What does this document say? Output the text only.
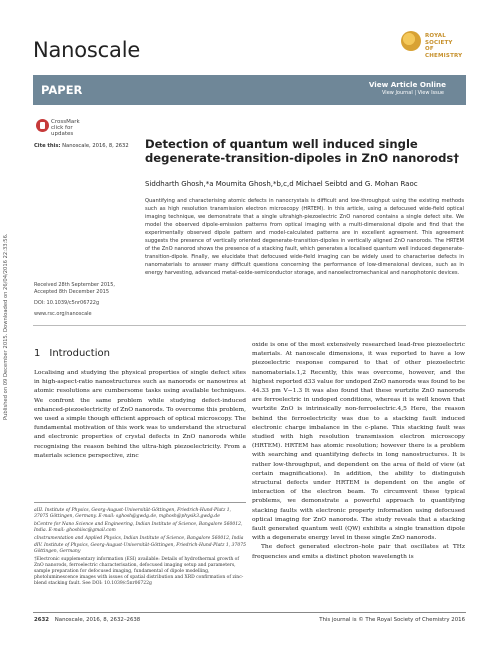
Published on 09 December 2015. Downloaded on 26/04/2016 22:33:56.
Nanoscale
ROYAL SOCIETY
OF CHEMISTRY
PAPER	View Article Online
View Journal | View Issue
CrossMark
click for updates
Cite this: Nanoscale, 2016, 8, 2632 Detection of quantum well induced single degenerate-transition-dipoles in ZnO nanorods†
Siddharth Ghosh,*a Moumita Ghosh,*b,c,d Michael Seibtd and G. Mohan Raoc
Quantifying and characterising atomic defects in nanocrystals is difficult and low-throughput using the existing methods such as high resolution transmission electron microscopy (HRTEM). In this article, using a defocused wide-field optical imaging technique, we demonstrate that a single ultrahigh-piezoelectric ZnO nanorod contains a single defect site. We model the observed dipole-emission patterns from optical imaging with a multi-dimensional dipole and find that the experimentally observed dipole pattern and model-calculated patterns are in excellent agreement. This agreement suggests the presence of vertically oriented degenerate-transition-dipoles in vertically aligned ZnO nanorods. The HRTEM of the ZnO nanorod shows the presence of a stacking fault, which generates a localised quantum well induced degenerate-transition-dipole. Finally, we elucidate that defocused wide-field imaging can be widely used to characterise defects in nanomaterials to answer many difficult questions concerning the performance of low-dimensional devices, such as in energy harvesting, advanced metal-oxide-semiconductor storage, and nanoelectromechanical and nanophotonic devices.
Received 28th September 2015,
Accepted 8th December 2015
DOI: 10.1039/c5nr06722g
www.rsc.org/nanoscale
1 Introduction

Localising and studying the physical properties of single defect sites in high-aspect-ratio nanostructures such as nanorods or nanowires at atomic resolutions are cumbersome tasks using available techniques. We confront the same problem while studying defect-induced enhanced-piezoelectricity of ZnO nanorods. To overcome this problem, we used a simple though efficient approach of optical microscopy. The fundamental motivation of this work was to understand the structural and electronic properties of crystal defects in ZnO nanorods while recognising the reason behind the ultra-high piezoelectricity. From a materials science perspective, zinc

oxide is one of the most extensively researched lead-free piezoelectric materials. At nanoscale dimensions, it was reported to have a low piezoelectric response compared to that of other piezoelectric nanomaterials.1,2 Recently, this was overcome, however, and the highest reported d33 value for undoped ZnO nanorods was found to be 44.33 pm V−1.3 It was also found that these wurtzite ZnO nanorods are ferroelectric in undoped conditions, whereas it is well known that wurtzite ZnO is intrinsically non-ferroelectric.4,5 Here, the reason behind the ferroelectricity was due to a stacking fault induced electronic charge imbalance in the c-plane. This stacking fault was studied with high resolution transmission electron microscopy (HRTEM). HRTEM has atomic resolution; however there is a problem with searching and quantifying defects in long nanostructures. It is rather low-throughput, and dependent on the area of field of view (at certain magnifications). In addition, the ability to distinguish structural defects under HRTEM is dependent on the angle of interaction of the electron beam. To circumvent these typical problems, we demonstrate a powerful approach to quantifying stacking faults with electronic property information using defocused optical imaging for ZnO nanorods. The study reveals that a stacking fault generated quantum well (QW) exhibits a single transition dipole with a degenerate energy level in these single ZnO nanorods.

The defect generated electron–hole pair that oscillates at THz frequencies and emits a distinct photon wavelength is

aIII. Institute of Physics, Georg-August-Universität-Göttingen, Friedrich-Hund-Platz 1, 37075 Göttingen, Germany. E-mail: sghosh@gwdg.de, mghosh@physik3.gwdg.de
bCentre for Nano Science and Engineering, Indian Institute of Science, Bangalore 560012, India. E-mail: ghoshiisc@gmail.com
cInstrumentation and Applied Physics, Indian Institute of Science, Bangalore 560012, India
dIV. Institute of Physics, Georg-August-Universität-Göttingen, Friedrich-Hund-Platz 1, 37075 Göttingen, Germany
†Electronic supplementary information (ESI) available: Details of hydrothermal growth of ZnO nanorods, ferroelectric characterisation, defocused imaging setup and parameters, sample preparation for defocused imaging, fundamental of dipole modelling, photoluminescence images with issues of spatial distribution and XRD confirmation of zinc-blend stacking fault. See DOI: 10.1039/c5nr06722g
2632 Nanoscale, 2016, 8, 2632–2638	This journal is © The Royal Society of Chemistry 2016
